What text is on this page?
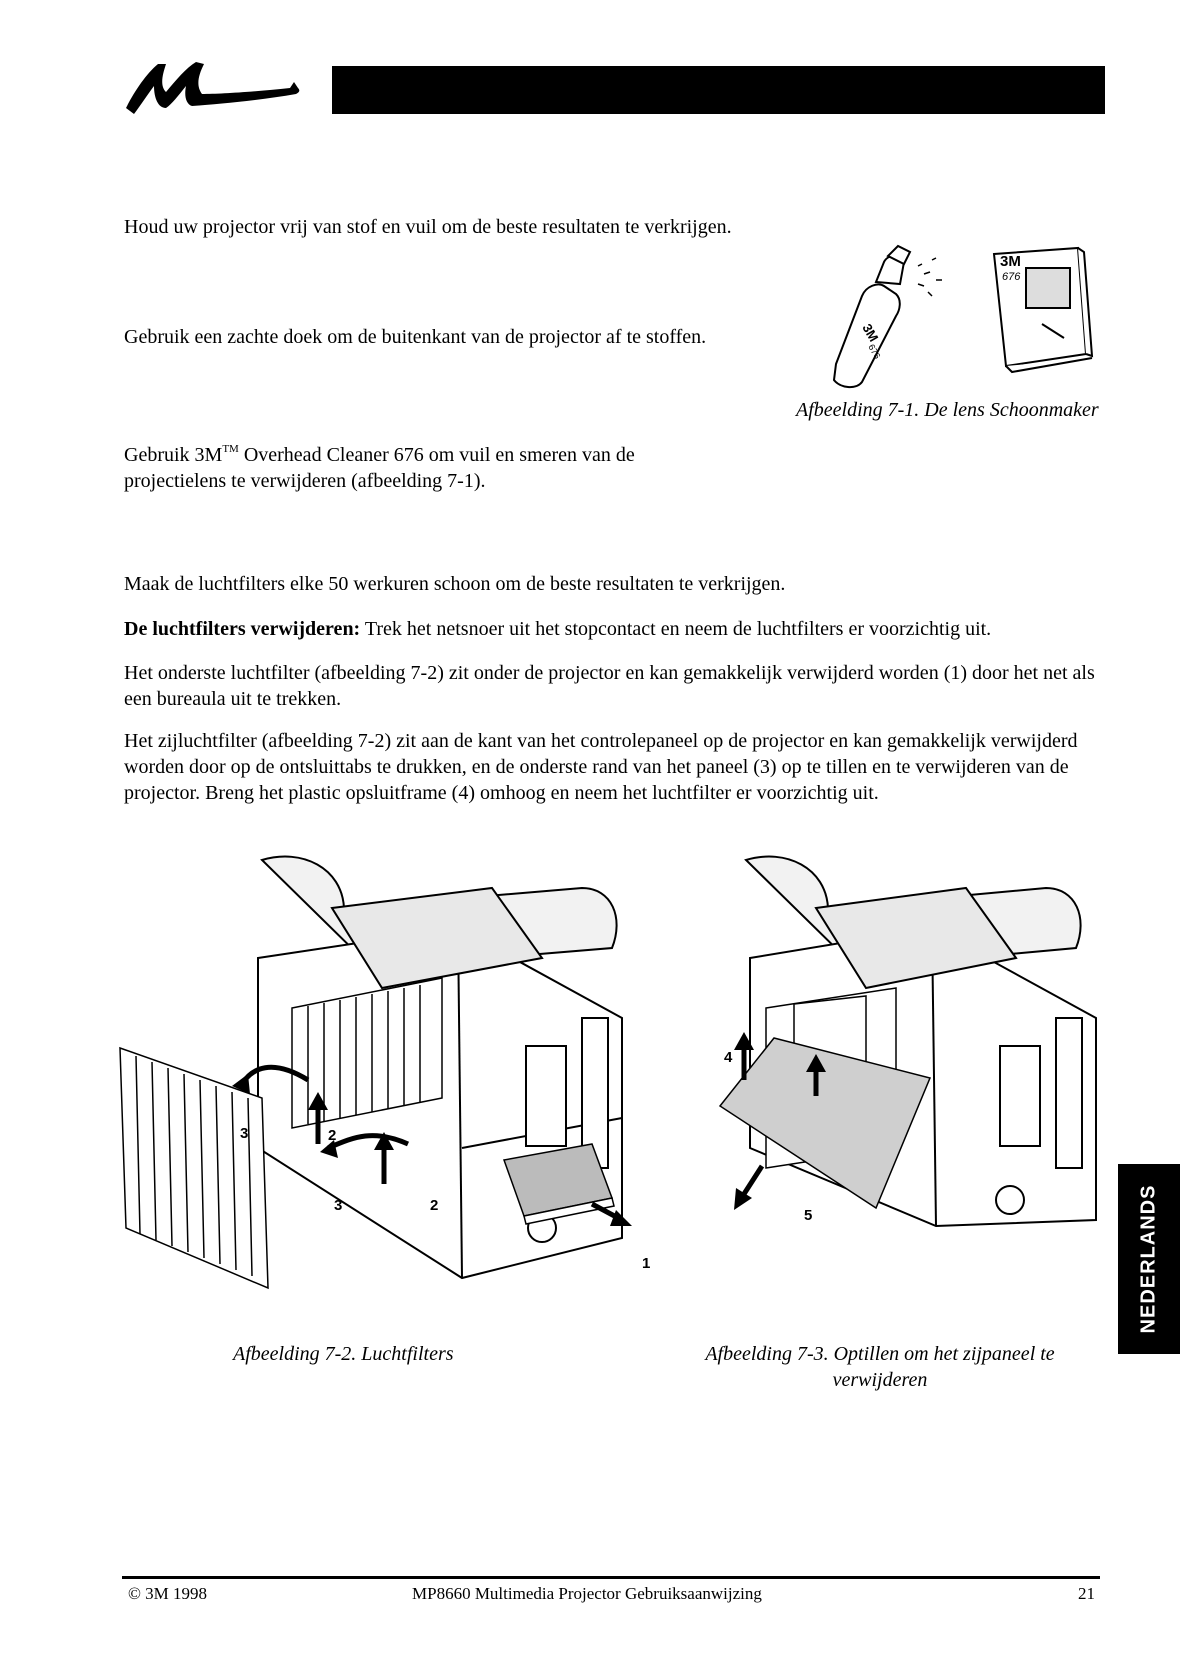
Houd uw projector vrij van stof en vuil om de beste resultaten te verkrijgen.
Gebruik een zachte doek om de buitenkant van de projector af te stoffen.
Gebruik 3M™ Overhead Cleaner 676 om vuil en smeren van de projectielens te verwijderen (afbeelding 7-1).
3M
676
3M
676
Afbeelding 7-1. De lens Schoonmaker
Maak de luchtfilters elke 50 werkuren schoon om de beste resultaten te verkrijgen.
De luchtfilters verwijderen: Trek het netsnoer uit het stopcontact en neem de luchtfilters er voorzichtig uit.
Het onderste luchtfilter (afbeelding 7-2) zit onder de projector en kan gemakkelijk verwijderd worden (1) door het net als een bureaula uit te trekken.
Het zijluchtfilter (afbeelding 7-2) zit aan de kant van het controlepaneel op de projector en kan gemakkelijk verwijderd worden door op de ontsluittabs te drukken, en de onderste rand van het paneel (3) op te tillen en te verwijderen van de projector. Breng het plastic opsluitframe (4) omhoog en neem het luchtfilter er voorzichtig uit.
3	2
3	2
1
Afbeelding 7-2. Luchtfilters
4
5
Afbeelding 7-3. Optillen om het zijpaneel te
verwijderen
NEDERLANDS
© 3M 1998	MP8660 Multimedia Projector Gebruiksaanwijzing	21
